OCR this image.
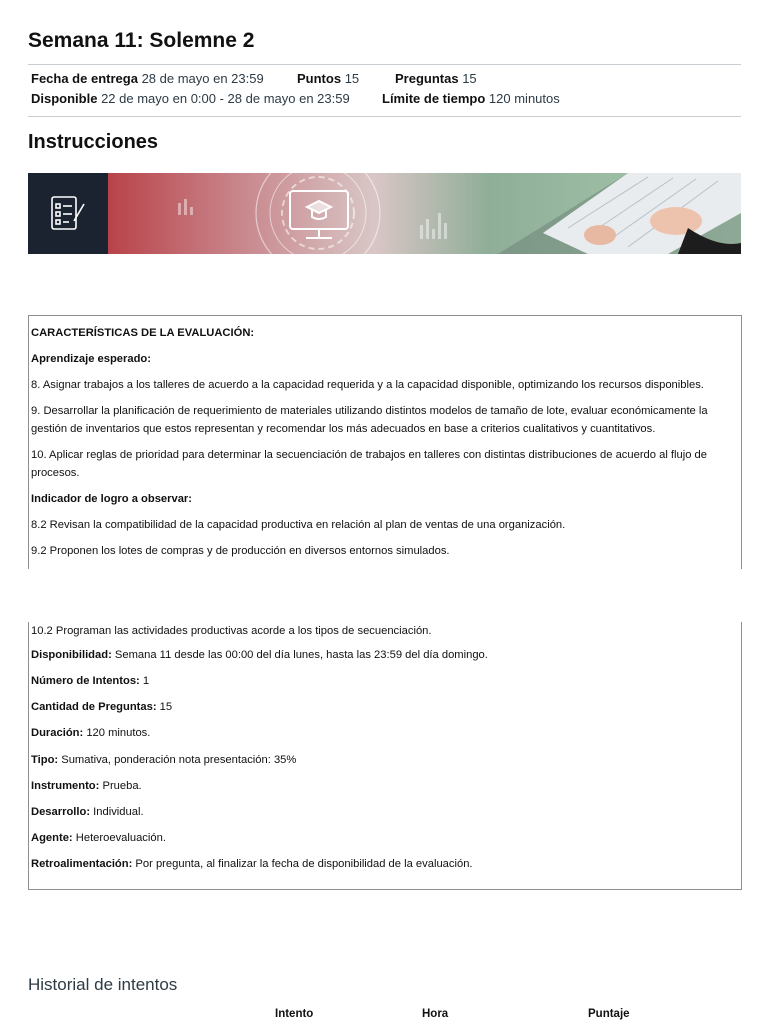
Semana 11: Solemne 2
Fecha de entrega 28 de mayo en 23:59	Puntos 15	Preguntas 15
Disponible 22 de mayo en 0:00 - 28 de mayo en 23:59 Límite de tiempo 120 minutos
Instrucciones

CARACTERÍSTICAS DE LA EVALUACIÓN:

Aprendizaje esperado:

8. Asignar trabajos a los talleres de acuerdo a la capacidad requerida y a la capacidad disponible, optimizando los recursos disponibles.

9. Desarrollar la planificación de requerimiento de materiales utilizando distintos modelos de tamaño de lote, evaluar económicamente la gestión de inventarios que estos representan y recomendar los más adecuados en base a criterios cualitativos y cuantitativos.

10. Aplicar reglas de prioridad para determinar la secuenciación de trabajos en talleres con distintas distribuciones de acuerdo al flujo de procesos.

Indicador de logro a observar:

8.2 Revisan la compatibilidad de la capacidad productiva en relación al plan de ventas de una organización.

9.2 Proponen los lotes de compras y de producción en diversos entornos simulados.

10.2 Programan las actividades productivas acorde a los tipos de secuenciación.

Disponibilidad: Semana 11 desde las 00:00 del día lunes, hasta las 23:59 del día domingo.

Número de Intentos: 1

Cantidad de Preguntas: 15

Duración: 120 minutos.

Tipo: Sumativa, ponderación nota presentación: 35%

Instrumento: Prueba.

Desarrollo: Individual.

Agente: Heteroevaluación.

Retroalimentación: Por pregunta, al finalizar la fecha de disponibilidad de la evaluación.

Historial de intentos
Intento	Hora	Puntaje
